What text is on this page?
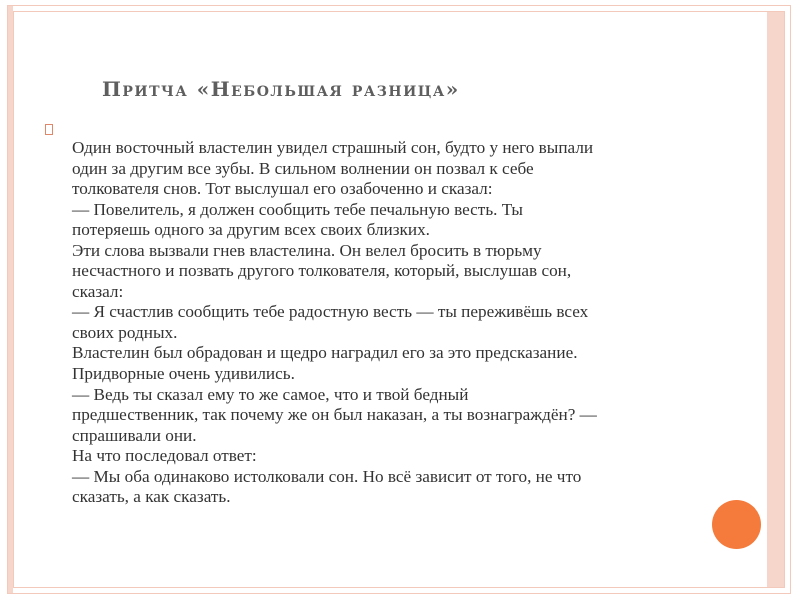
Притча «Небольшая разница»
Один восточный властелин увидел страшный сон, будто у него выпали
один за другим все зубы. В сильном волнении он позвал к себе
толкователя снов. Тот выслушал его озабоченно и сказал:
— Повелитель, я должен сообщить тебе печальную весть. Ты
потеряешь одного за другим всех своих близких.
Эти слова вызвали гнев властелина. Он велел бросить в тюрьму
несчастного и позвать другого толкователя, который, выслушав сон,
сказал:
— Я счастлив сообщить тебе радостную весть — ты переживёшь всех
своих родных.
Властелин был обрадован и щедро наградил его за это предсказание.
Придворные очень удивились.
— Ведь ты сказал ему то же самое, что и твой бедный
предшественник, так почему же он был наказан, а ты вознаграждён? —
спрашивали они.
На что последовал ответ:
— Мы оба одинаково истолковали сон. Но всё зависит от того, не что
сказать, а как сказать.
